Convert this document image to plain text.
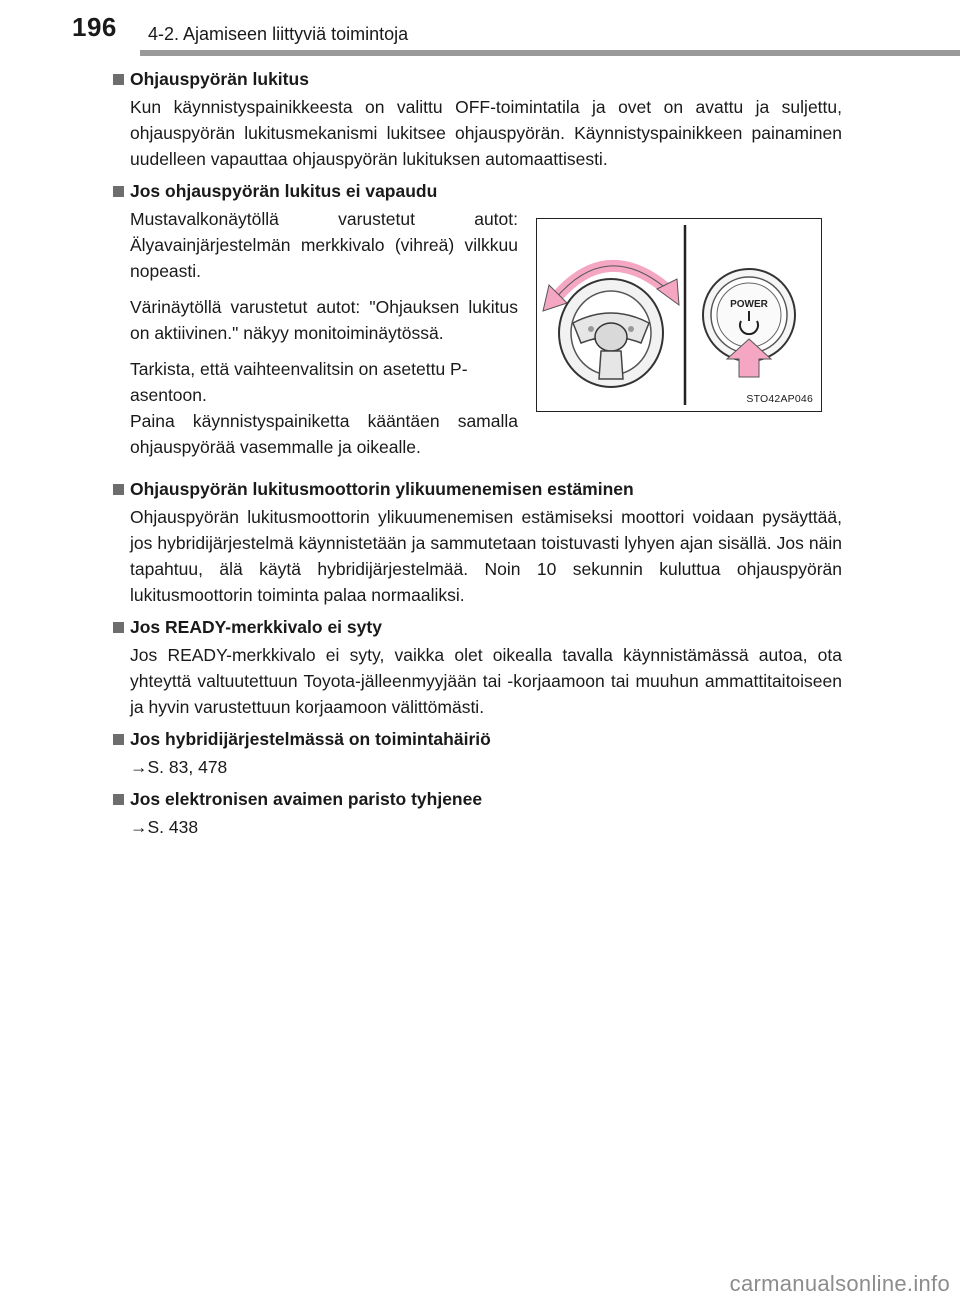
196 4-2. Ajamiseen liittyviä toimintoja
Ohjauspyörän lukitus

Kun käynnistyspainikkeesta on valittu OFF-toimintatila ja ovet on avattu ja suljettu, ohjauspyörän lukitusmekanismi lukitsee ohjauspyörän. Käynnistyspainikkeen painaminen uudelleen vapauttaa ohjauspyörän lukituksen automaattisesti.

Jos ohjauspyörän lukitus ei vapaudu

Mustavalkonäytöllä varustetut autot: Älyavainjärjestelmän merkkivalo (vihreä) vilkkuu nopeasti.

Värinäytöllä varustetut autot: "Ohjauksen lukitus on aktiivinen." näkyy monitoiminäytössä.

Tarkista, että vaihteenvalitsin on asetettu P-asentoon.

Paina käynnistyspainiketta kääntäen samalla ohjauspyörää vasemmalle ja oikealle.

POWER
STO42AP046
Ohjauspyörän lukitusmoottorin ylikuumenemisen estäminen

Ohjauspyörän lukitusmoottorin ylikuumenemisen estämiseksi moottori voidaan pysäyttää, jos hybridijärjestelmä käynnistetään ja sammutetaan toistuvasti lyhyen ajan sisällä. Jos näin tapahtuu, älä käytä hybridijärjestelmää. Noin 10 sekunnin kuluttua ohjauspyörän lukitusmoottorin toiminta palaa normaaliksi.

Jos READY-merkkivalo ei syty

Jos READY-merkkivalo ei syty, vaikka olet oikealla tavalla käynnistämässä autoa, ota yhteyttä valtuutettuun Toyota-jälleenmyyjään tai -korjaamoon tai muuhun ammattitaitoiseen ja hyvin varustettuun korjaamoon välittömästi.

Jos hybridijärjestelmässä on toimintahäiriö
→S. 83, 478
Jos elektronisen avaimen paristo tyhjenee
→S. 438
carmanualsonline.info
